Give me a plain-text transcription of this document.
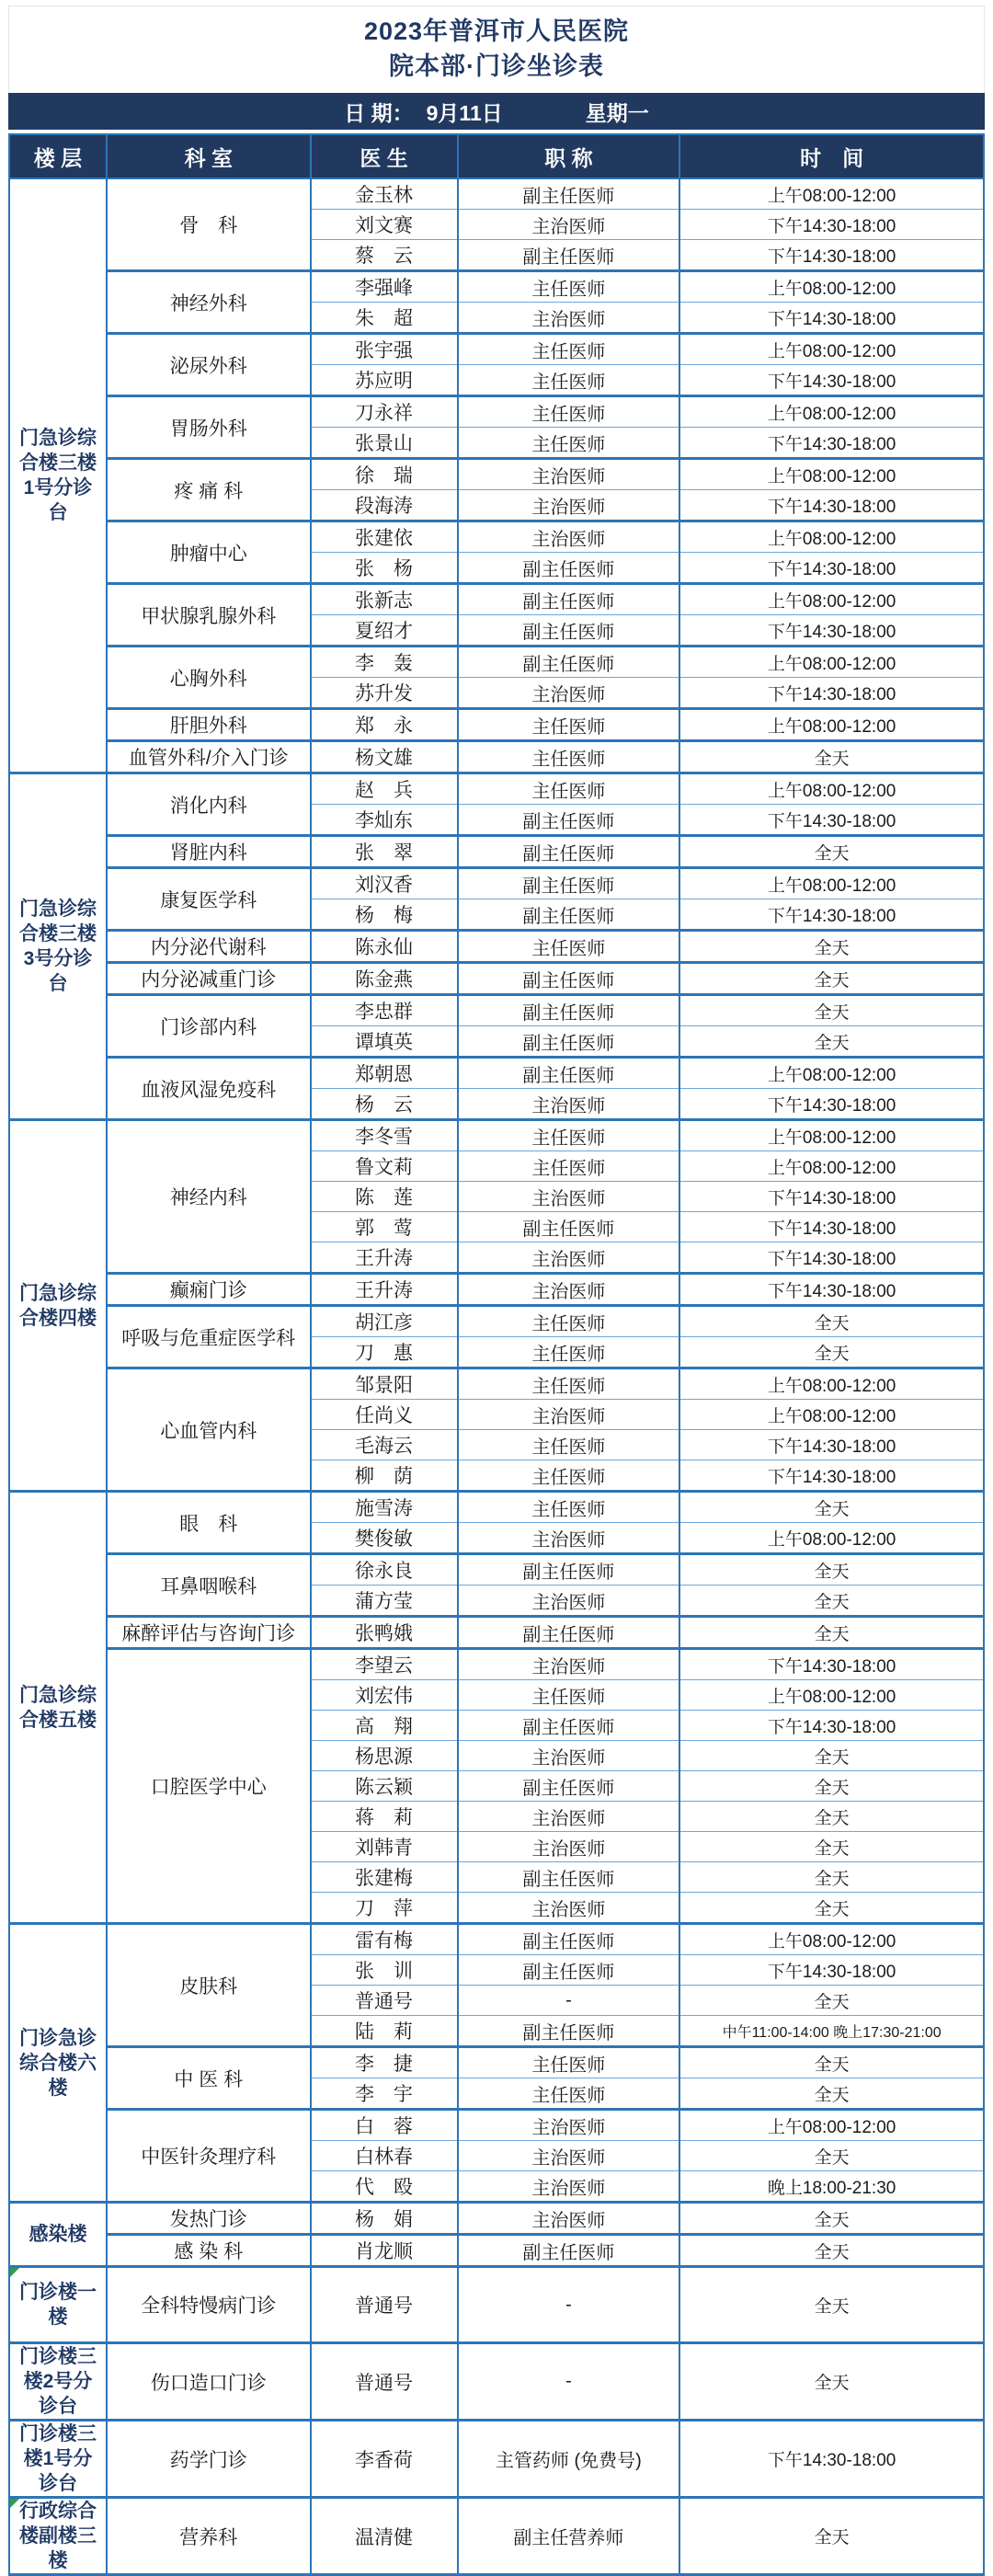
2023年普洱市人民医院
院本部·门诊坐诊表
日 期： 9月11日	星期一
楼 层	科 室	医 生	职 称	时　间
门急诊综合楼三楼1号分诊台	骨　科	金玉林	副主任医师	上午08:00-12:00
		刘文赛	主治医师	下午14:30-18:00
		蔡　云	副主任医师	下午14:30-18:00
	神经外科	李强峰	主任医师	上午08:00-12:00
		朱　超	主治医师	下午14:30-18:00
	泌尿外科	张宇强	主任医师	上午08:00-12:00
		苏应明	主任医师	下午14:30-18:00
	胃肠外科	刀永祥	主任医师	上午08:00-12:00
		张景山	主任医师	下午14:30-18:00
	疼 痛 科	徐　瑞	主治医师	上午08:00-12:00
		段海涛	主治医师	下午14:30-18:00
	肿瘤中心	张建依	主治医师	上午08:00-12:00
		张　杨	副主任医师	下午14:30-18:00
	甲状腺乳腺外科	张新志	副主任医师	上午08:00-12:00
		夏绍才	副主任医师	下午14:30-18:00
	心胸外科	李　轰	副主任医师	上午08:00-12:00
		苏升发	主治医师	下午14:30-18:00
	肝胆外科	郑　永	主任医师	上午08:00-12:00
	血管外科/介入门诊	杨文雄	主任医师	全天
门急诊综合楼三楼3号分诊台	消化内科	赵　兵	主任医师	上午08:00-12:00
		李灿东	副主任医师	下午14:30-18:00
	肾脏内科	张　翠	副主任医师	全天
	康复医学科	刘汉香	副主任医师	上午08:00-12:00
		杨　梅	副主任医师	下午14:30-18:00
	内分泌代谢科	陈永仙	主任医师	全天
	内分泌减重门诊	陈金燕	副主任医师	全天
	门诊部内科	李忠群	副主任医师	全天
		谭填英	副主任医师	全天
	血液风湿免疫科	郑朝恩	副主任医师	上午08:00-12:00
		杨　云	主治医师	下午14:30-18:00
门急诊综合楼四楼	神经内科	李冬雪	主任医师	上午08:00-12:00
		鲁文莉	主任医师	上午08:00-12:00
		陈　莲	主治医师	下午14:30-18:00
		郭　莺	副主任医师	下午14:30-18:00
		王升涛	主治医师	下午14:30-18:00
	癫痫门诊	王升涛	主治医师	下午14:30-18:00
	呼吸与危重症医学科	胡江彦	主任医师	全天
		刀　惠	主任医师	全天
	心血管内科	邹景阳	主任医师	上午08:00-12:00
		任尚义	主治医师	上午08:00-12:00
		毛海云	主任医师	下午14:30-18:00
		柳　荫	主任医师	下午14:30-18:00
门急诊综合楼五楼	眼　科	施雪涛	主任医师	全天
		樊俊敏	主治医师	上午08:00-12:00
	耳鼻咽喉科	徐永良	副主任医师	全天
		蒲方莹	主治医师	全天
	麻醉评估与咨询门诊	张鸭娥	副主任医师	全天
	口腔医学中心	李望云	主治医师	下午14:30-18:00
		刘宏伟	主任医师	上午08:00-12:00
		高　翔	副主任医师	下午14:30-18:00
		杨思源	主治医师	全天
		陈云颖	副主任医师	全天
		蒋　莉	主治医师	全天
		刘韩青	主治医师	全天
		张建梅	副主任医师	全天
		刀　萍	主治医师	全天
门诊急诊综合楼六楼	皮肤科	雷有梅	副主任医师	上午08:00-12:00
		张　训	副主任医师	下午14:30-18:00
		普通号	-	全天
		陆　莉	副主任医师	中午11:00-14:00 晚上17:30-21:00
	中 医 科	李　捷	主任医师	全天
		李　宇	主任医师	全天
	中医针灸理疗科	白　蓉	主治医师	上午08:00-12:00
		白林春	主治医师	全天
		代　殴	主治医师	晚上18:00-21:30
感染楼	发热门诊	杨　娟	主治医师	全天
	感 染 科	肖龙顺	副主任医师	全天
门诊楼一楼	全科特慢病门诊	普通号	-	全天
门诊楼三楼2号分诊台	伤口造口门诊	普通号	-	全天
门诊楼三楼1号分诊台	药学门诊	李香荷	主管药师 (免费号)	下午14:30-18:00
行政综合楼副楼三楼	营养科	温清健	副主任营养师	全天
